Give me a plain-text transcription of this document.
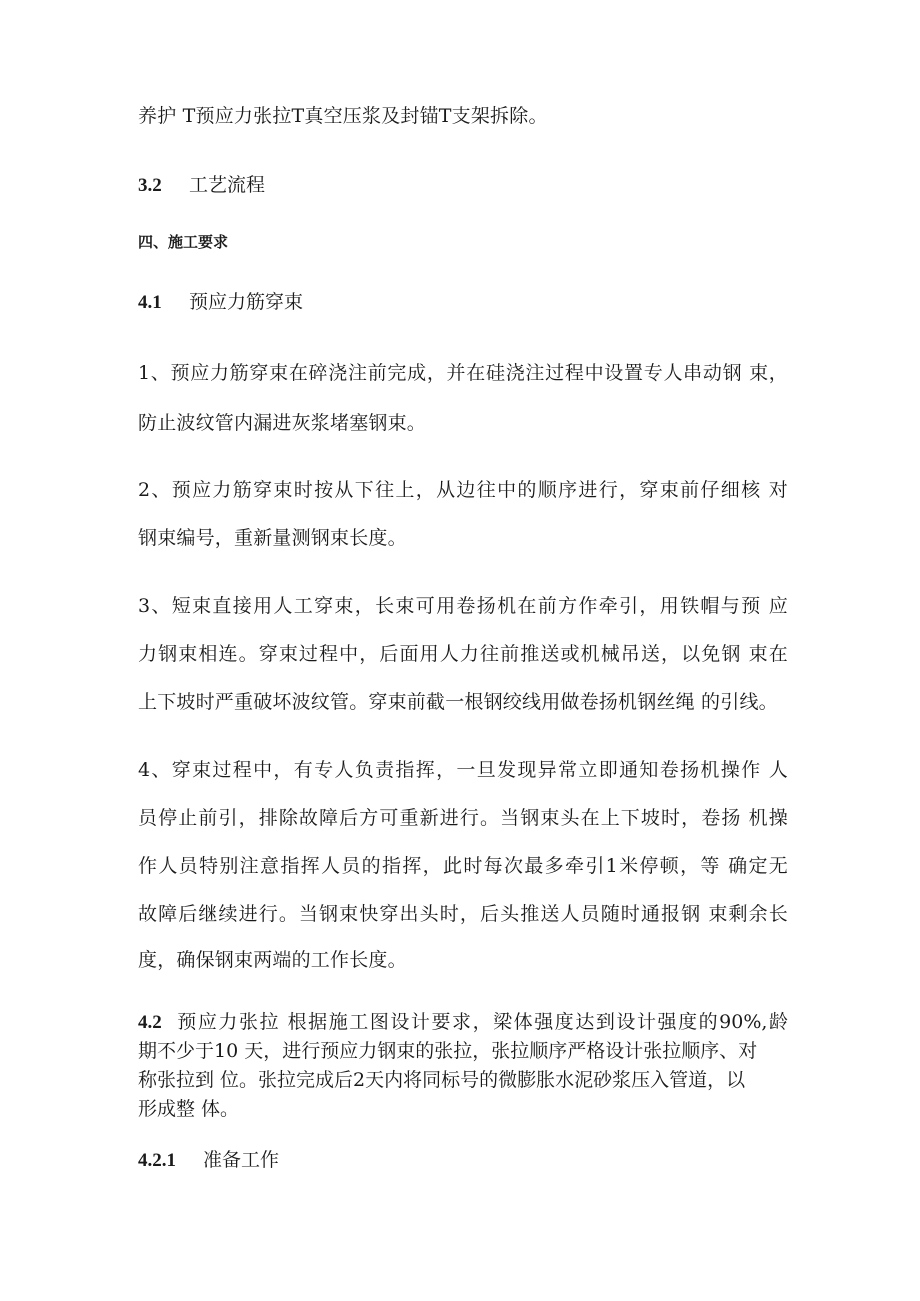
养护 T预应力张拉T真空压浆及封锚T支架拆除。
3.2 工艺流程
四、施工要求
4.1 预应力筋穿束
1、预应力筋穿束在碎浇注前完成，并在硅浇注过程中设置专人串动钢 束，
防止波纹管内漏进灰浆堵塞钢束。
2、预应力筋穿束时按从下往上，从边往中的顺序进行，穿束前仔细核 对
钢束编号，重新量测钢束长度。
3、短束直接用人工穿束，长束可用卷扬机在前方作牵引，用铁帽与预 应
力钢束相连。穿束过程中，后面用人力往前推送或机械吊送，以免钢 束在
上下坡时严重破坏波纹管。穿束前截一根钢绞线用做卷扬机钢丝绳 的引线。
4、穿束过程中，有专人负责指挥，一旦发现异常立即通知卷扬机操作 人
员停止前引，排除故障后方可重新进行。当钢束头在上下坡时，卷扬 机操
作人员特别注意指挥人员的指挥，此时每次最多牵引1米停顿，等 确定无
故障后继续进行。当钢束快穿出头时，后头推送人员随时通报钢 束剩余长
度，确保钢束两端的工作长度。
4.2 预应力张拉 根据施工图设计要求，梁体强度达到设计强度的90%,龄
期不少于10 天，进行预应力钢束的张拉，张拉顺序严格设计张拉顺序、对
称张拉到 位。张拉完成后2天内将同标号的微膨胀水泥砂浆压入管道，以
形成整 体。
4.2.1 准备工作
